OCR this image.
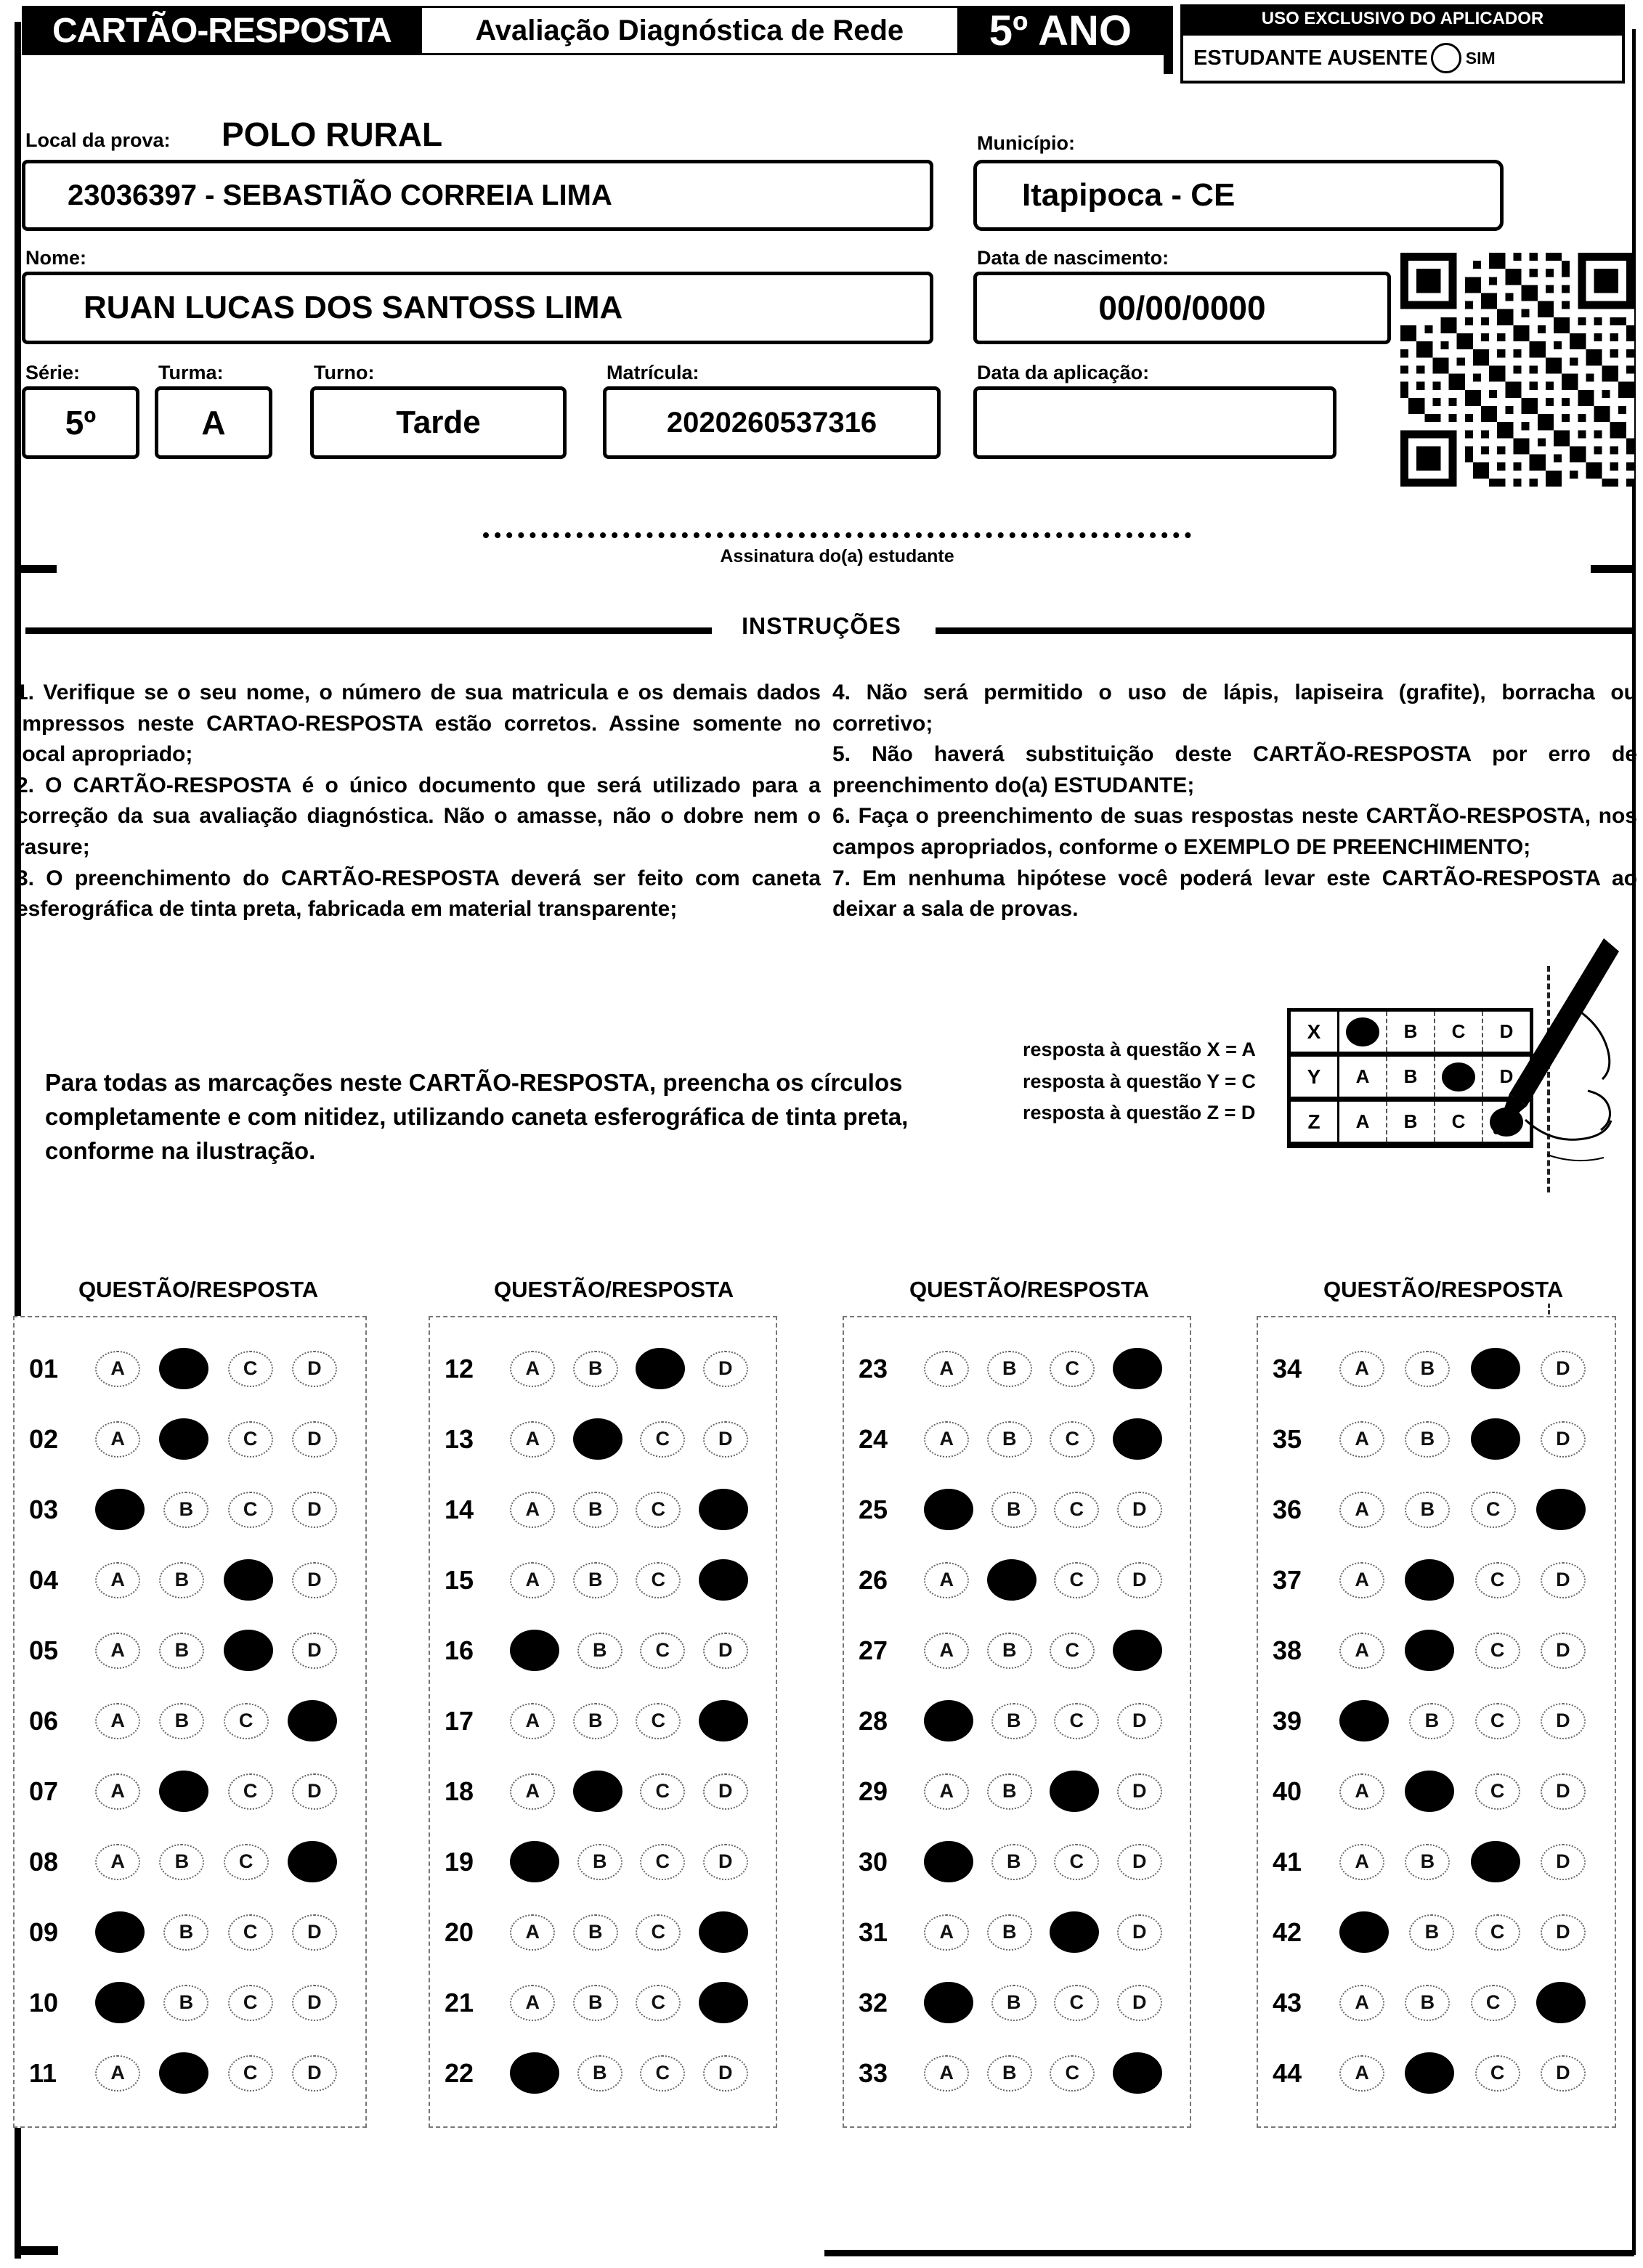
CARTÃO-RESPOSTA	Avaliação Diagnóstica de Rede	5º ANO	USO EXCLUSIVO DO APLICADOR
ESTUDANTE AUSENTE SIM
Local da prova: POLO RURAL
23036397 - SEBASTIÃO CORREIA LIMA
Município:
Itapipoca - CE
Nome:
RUAN LUCAS DOS SANTOSS LIMA
Data de nascimento:
00/00/0000
Série:
5º
Turma:
A
Turno:
Tarde
Matrícula:
2020260537316
Data da aplicação:
Assinatura do(a) estudante
INSTRUÇÕES

1. Verifique se o seu nome, o número de sua matricula e os demais dados impressos neste CARTAO-RESPOSTA estão corretos. Assine somente no local apropriado;

2. O CARTÃO-RESPOSTA é o único documento que será utilizado para a correção da sua avaliação diagnóstica. Não o amasse, não o dobre nem o rasure;

3. O preenchimento do CARTÃO-RESPOSTA deverá ser feito com caneta esferográfica de tinta preta, fabricada em material transparente;

4. Não será permitido o uso de lápis, lapiseira (grafite), borracha ou corretivo;

5. Não haverá substituição deste CARTÃO-RESPOSTA por erro de preenchimento do(a) ESTUDANTE;

6. Faça o preenchimento de suas respostas neste CARTÃO-RESPOSTA, nos campos apropriados, conforme o EXEMPLO DE PREENCHIMENTO;

7. Em nenhuma hipótese você poderá levar este CARTÃO-RESPOSTA ao deixar a sala de provas.

Para todas as marcações neste CARTÃO-RESPOSTA, preencha os círculos completamente e com nitidez, utilizando caneta esferográfica de tinta preta, conforme na ilustração.

resposta à questão X = A

resposta à questão Y = C

resposta à questão Z = D

X		B	C	D
Y	A	B		D
Z	A	B	C	
QUESTÃO/RESPOSTA	QUESTÃO/RESPOSTA	QUESTÃO/RESPOSTA	QUESTÃO/RESPOSTA
01	A	C	D
02	A	C	D
03	B	C	D
04	A	B	D
05	A	B	D
06	A	B	C
07	A	C	D
08	A	B	C
09	B	C	D
10	B	C	D
11	A	C	D
12	A	B	D
13	A	C	D
14	A	B	C
15	A	B	C
16	B	C	D
17	A	B	C
18	A	C	D
19	B	C	D
20	A	B	C
21	A	B	C
22	B	C	D
23	A	B	C
24	A	B	C
25	B	C	D
26	A	C	D
27	A	B	C
28	B	C	D
29	A	B	D
30	B	C	D
31	A	B	D
32	B	C	D
33	A	B	C
34	A	B	D
35	A	B	D
36	A	B	C
37	A	C	D
38	A	C	D
39	B	C	D
40	A	C	D
41	A	B	D
42	B	C	D
43	A	B	C
44	A	C	D
